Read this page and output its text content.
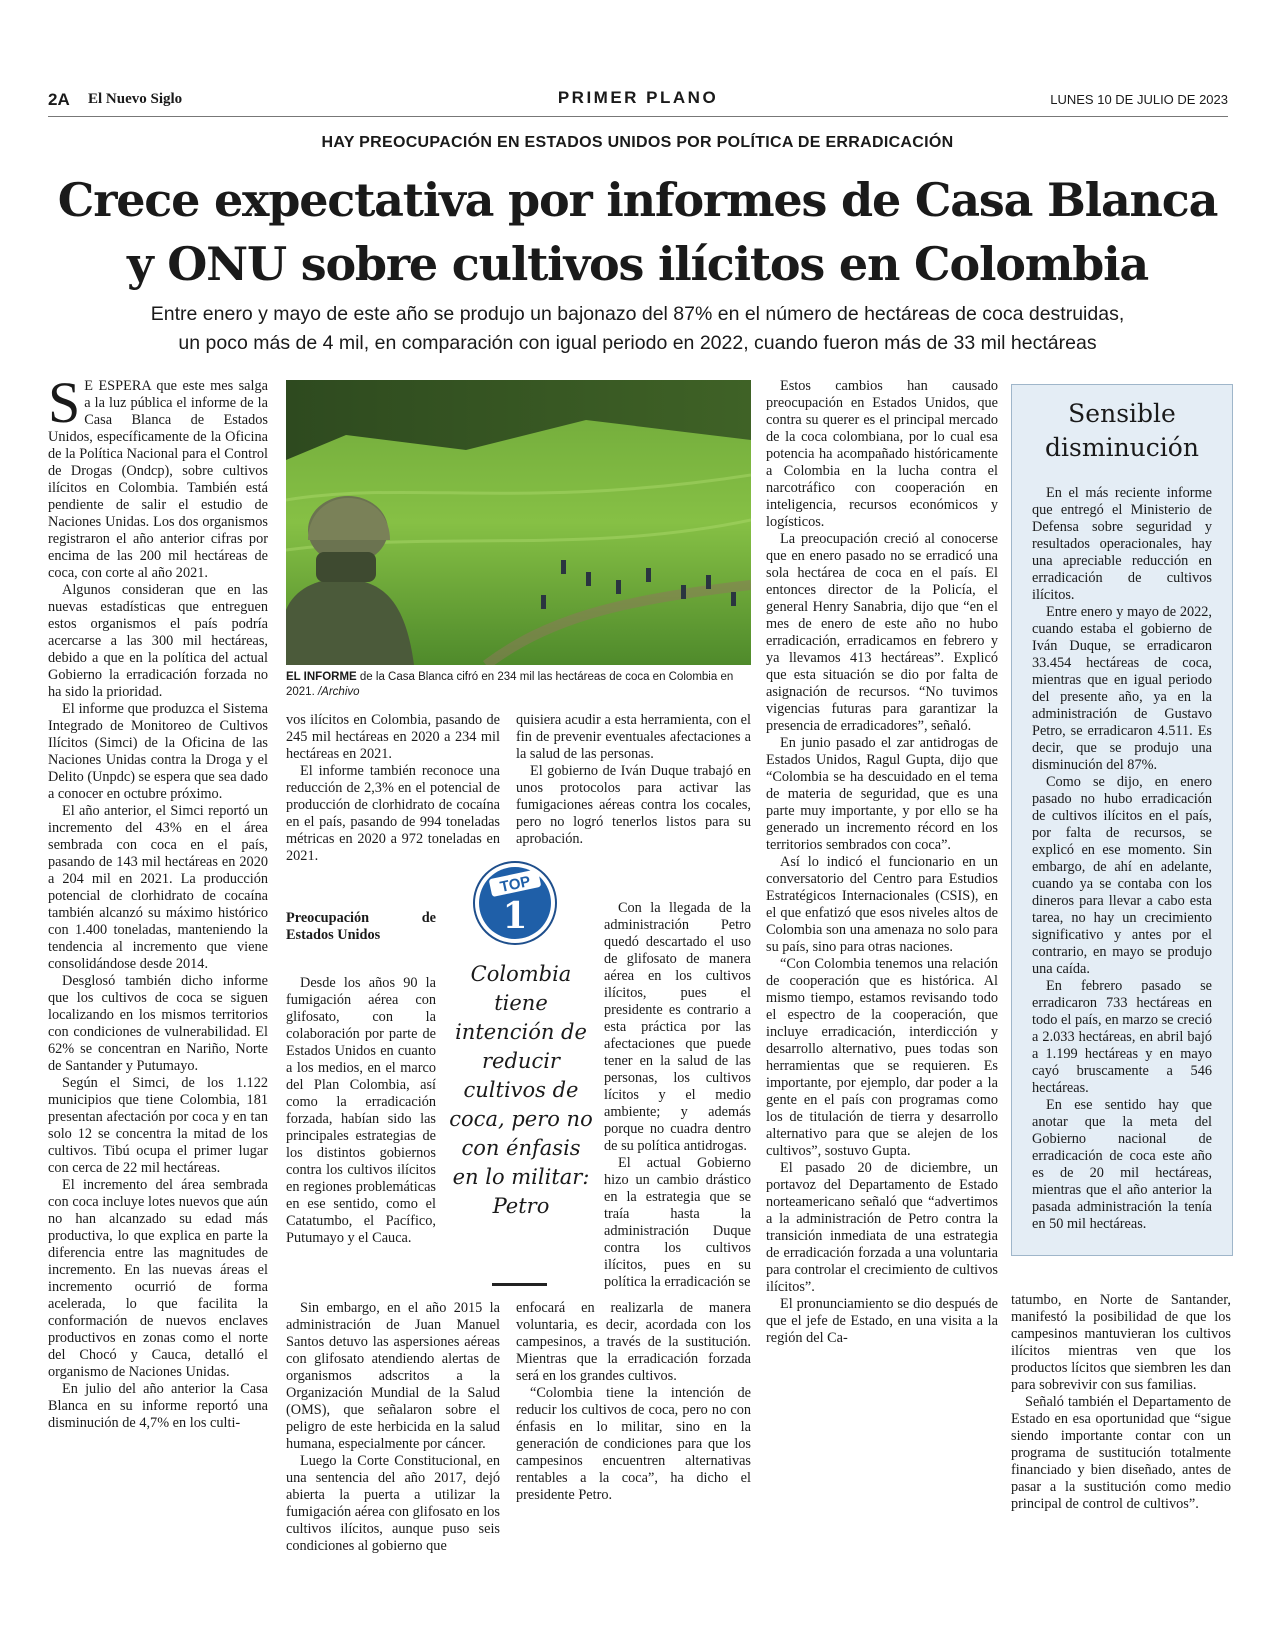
2A El Nuevo Siglo	PRIMER PLANO	LUNES 10 DE JULIO DE 2023
HAY PREOCUPACIÓN EN ESTADOS UNIDOS POR POLÍTICA DE ERRADICACIÓN
Crece expectativa por informes de Casa Blanca
y ONU sobre cultivos ilícitos en Colombia
Entre enero y mayo de este año se produjo un bajonazo del 87% en el número de hectáreas de coca destruidas,
un poco más de 4 mil, en comparación con igual periodo en 2022, cuando fueron más de 33 mil hectáreas

S E ESPERA que este mes salga a la luz pública el informe de la Casa Blanca de Estados Unidos, específicamente de la Oficina de la Política Nacional para el Control de Drogas (Ondcp), sobre cultivos ilícitos en Colombia. También está pendiente de salir el estudio de Naciones Unidas. Los dos organismos registraron el año anterior cifras por encima de las 200 mil hectáreas de coca, con corte al año 2021.

Algunos consideran que en las nuevas estadísticas que entreguen estos organismos el país podría acercarse a las 300 mil hectáreas, debido a que en la política del actual Gobierno la erradicación forzada no ha sido la prioridad.

El informe que produzca el Sistema Integrado de Monitoreo de Cultivos Ilícitos (Simci) de la Oficina de las Naciones Unidas contra la Droga y el Delito (Unpdc) se espera que sea dado a conocer en octubre próximo.

El año anterior, el Simci reportó un incremento del 43% en el área sembrada con coca en el país, pasando de 143 mil hectáreas en 2020 a 204 mil en 2021. La producción potencial de clorhidrato de cocaína también alcanzó su máximo histórico con 1.400 toneladas, manteniendo la tendencia al incremento que viene consolidándose desde 2014.

Desglosó también dicho informe que los cultivos de coca se siguen localizando en los mismos territorios con condiciones de vulnerabilidad. El 62% se concentran en Nariño, Norte de Santander y Putumayo.

Según el Simci, de los 1.122 municipios que tiene Colombia, 181 presentan afectación por coca y en tan solo 12 se concentra la mitad de los cultivos. Tibú ocupa el primer lugar con cerca de 22 mil hectáreas.

El incremento del área sembrada con coca incluye lotes nuevos que aún no han alcanzado su edad más productiva, lo que explica en parte la diferencia entre las magnitudes de incremento. En las nuevas áreas el incremento ocurrió de forma acelerada, lo que facilita la conformación de nuevos enclaves productivos en zonas como el norte del Chocó y Cauca, detalló el organismo de Naciones Unidas.

En julio del año anterior la Casa Blanca en su informe reportó una disminución de 4,7% en los culti-

EL INFORME de la Casa Blanca cifró en 234 mil las hectáreas de coca en Colombia en 2021. /Archivo

vos ilícitos en Colombia, pasando de 245 mil hectáreas en 2020 a 234 mil hectáreas en 2021.

El informe también reconoce una reducción de 2,3% en el potencial de producción de clorhidrato de cocaína en el país, pasando de 994 toneladas métricas en 2020 a 972 toneladas en 2021.

Preocupación de Estados Unidos

Desde los años 90 la fumigación aérea con glifosato, con la colaboración por parte de Estados Unidos en cuanto a los medios, en el marco del Plan Colombia, así como la erradicación forzada, habían sido las principales estrategias de los distintos gobiernos contra los cultivos ilícitos en regiones problemáticas en ese sentido, como el Catatumbo, el Pacífico, Putumayo y el Cauca.

Sin embargo, en el año 2015 la administración de Juan Manuel Santos detuvo las aspersiones aéreas con glifosato atendiendo alertas de organismos adscritos a la Organización Mundial de la Salud (OMS), que señalaron sobre el peligro de este herbicida en la salud humana, especialmente por cáncer.

Luego la Corte Constitucional, en una sentencia del año 2017, dejó abierta la puerta a utilizar la fumigación aérea con glifosato en los cultivos ilícitos, aunque puso seis condiciones al gobierno que

quisiera acudir a esta herramienta, con el fin de prevenir eventuales afectaciones a la salud de las personas.

El gobierno de Iván Duque trabajó en unos protocolos para activar las fumigaciones aéreas contra los cocales, pero no logró tenerlos listos para su aprobación.

Con la llegada de la administración Petro quedó descartado el uso de glifosato de manera aérea en los cultivos ilícitos, pues el presidente es contrario a esta práctica por las afectaciones que puede tener en la salud de las personas, los cultivos lícitos y el medio ambiente; y además porque no cuadra dentro de su política antidrogas.

El actual Gobierno hizo un cambio drástico en la estrategia que se traía hasta la administración Duque contra los cultivos ilícitos, pues en su política la erradicación se

enfocará en realizarla de manera voluntaria, es decir, acordada con los campesinos, a través de la sustitución. Mientras que la erradicación forzada será en los grandes cultivos.

“Colombia tiene la intención de reducir los cultivos de coca, pero no con énfasis en lo militar, sino en la generación de condiciones para que los campesinos encuentren alternativas rentables a la coca”, ha dicho el presidente Petro.

TOP
1
Colombia tiene intención de reducir cultivos de coca, pero no con énfasis en lo militar: Petro

Estos cambios han causado preocupación en Estados Unidos, que contra su querer es el principal mercado de la coca colombiana, por lo cual esa potencia ha acompañado históricamente a Colombia en la lucha contra el narcotráfico con cooperación en inteligencia, recursos económicos y logísticos.

La preocupación creció al conocerse que en enero pasado no se erradicó una sola hectárea de coca en el país. El entonces director de la Policía, el general Henry Sanabria, dijo que “en el mes de enero de este año no hubo erradicación, erradicamos en febrero y ya llevamos 413 hectáreas”. Explicó que esta situación se dio por falta de asignación de recursos. “No tuvimos vigencias futuras para garantizar la presencia de erradicadores”, señaló.

En junio pasado el zar antidrogas de Estados Unidos, Ragul Gupta, dijo que “Colombia se ha descuidado en el tema de materia de seguridad, que es una parte muy importante, y por ello se ha generado un incremento récord en los territorios sembrados con coca”.

Así lo indicó el funcionario en un conversatorio del Centro para Estudios Estratégicos Internacionales (CSIS), en el que enfatizó que esos niveles altos de Colombia son una amenaza no solo para su país, sino para otras naciones.

“Con Colombia tenemos una relación de cooperación que es histórica. Al mismo tiempo, estamos revisando todo el espectro de la cooperación, que incluye erradicación, interdicción y desarrollo alternativo, pues todas son herramientas que se requieren. Es importante, por ejemplo, dar poder a la gente en el país con programas como los de titulación de tierra y desarrollo alternativo para que se alejen de los cultivos”, sostuvo Gupta.

El pasado 20 de diciembre, un portavoz del Departamento de Estado norteamericano señaló que “advertimos a la administración de Petro contra la transición inmediata de una estrategia de erradicación forzada a una voluntaria para controlar el crecimiento de cultivos ilícitos”.

El pronunciamiento se dio después de que el jefe de Estado, en una visita a la región del Ca-

Sensible
disminución

En el más reciente informe que entregó el Ministerio de Defensa sobre seguridad y resultados operacionales, hay una apreciable reducción en erradicación de cultivos ilícitos.

Entre enero y mayo de 2022, cuando estaba el gobierno de Iván Duque, se erradicaron 33.454 hectáreas de coca, mientras que en igual periodo del presente año, ya en la administración de Gustavo Petro, se erradicaron 4.511. Es decir, que se produjo una disminución del 87%.

Como se dijo, en enero pasado no hubo erradicación de cultivos ilícitos en el país, por falta de recursos, se explicó en ese momento. Sin embargo, de ahí en adelante, cuando ya se contaba con los dineros para llevar a cabo esta tarea, no hay un crecimiento significativo y antes por el contrario, en mayo se produjo una caída.

En febrero pasado se erradicaron 733 hectáreas en todo el país, en marzo se creció a 2.033 hectáreas, en abril bajó a 1.199 hectáreas y en mayo cayó bruscamente a 546 hectáreas.

En ese sentido hay que anotar que la meta del Gobierno nacional de erradicación de coca este año es de 20 mil hectáreas, mientras que el año anterior la pasada administración la tenía en 50 mil hectáreas.

tatumbo, en Norte de Santander, manifestó la posibilidad de que los campesinos mantuvieran los cultivos ilícitos mientras ven que los productos lícitos que siembren les dan para sobrevivir con sus familias.

Señaló también el Departamento de Estado en esa oportunidad que “sigue siendo importante contar con un programa de sustitución totalmente financiado y bien diseñado, antes de pasar a la sustitución como medio principal de control de cultivos”.
